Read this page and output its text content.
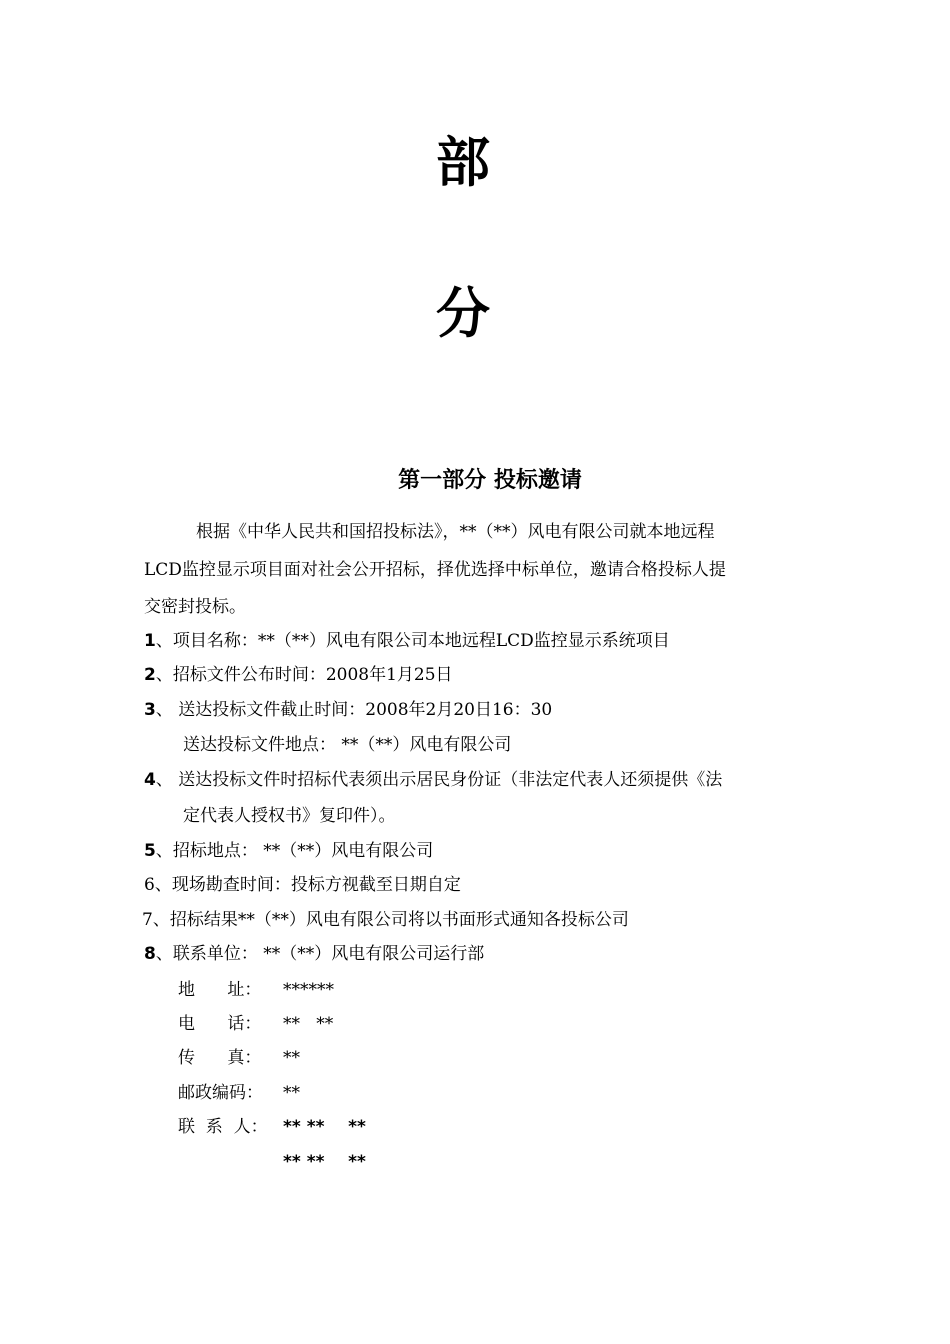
部
分
第一部分 投标邀请
根据《中华人民共和国招投标法》，**（**）风电有限公司就本地远程
LCD监控显示项目面对社会公开招标，择优选择中标单位，邀请合格投标人提
交密封投标。
1、项目名称：**（**）风电有限公司本地远程LCD监控显示系统项目
2、招标文件公布时间：2008年1月25日
3、 送达投标文件截止时间：2008年2月20日16：30
送达投标文件地点： **（**）风电有限公司
4、 送达投标文件时招标代表须出示居民身份证（非法定代表人还须提供《法
定代表人授权书》复印件）。
5、招标地点： **（**）风电有限公司
6、现场勘查时间：投标方视截至日期自定
7、招标结果**（**）风电有限公司将以书面形式通知各投标公司
8、联系单位： **（**）风电有限公司运行部
地      址： ******
电      话： **   **
传      真： **
邮政编码： **
联  系  人： ** **    **
** **    **
